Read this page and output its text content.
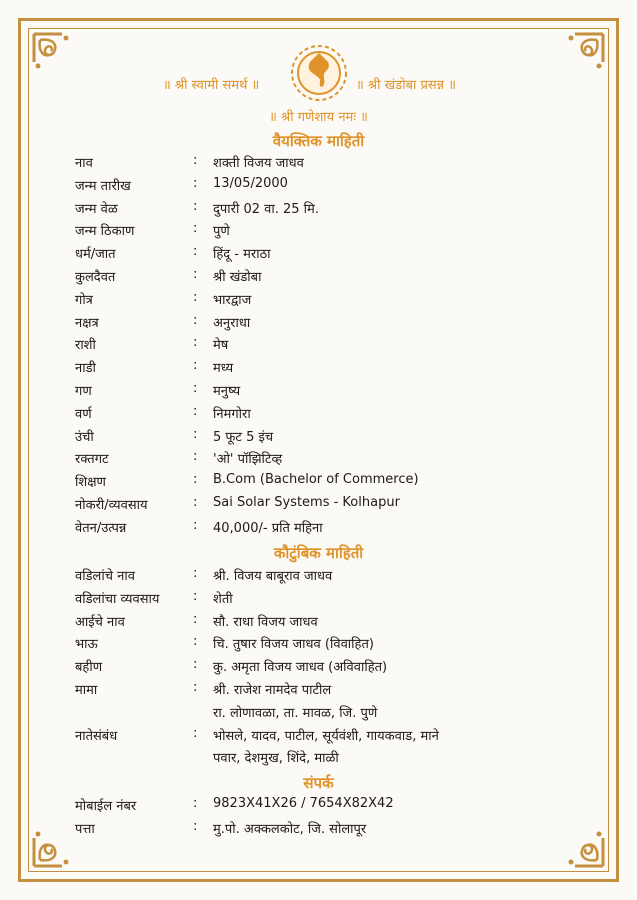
॥ श्री स्वामी समर्थ ॥	॥ श्री खंडोबा प्रसन्न ॥
॥ श्री गणेशाय नमः ॥
वैयक्तिक माहिती
नाव	: शक्ती विजय जाधव
जन्म तारीख	: 13/05/2000
जन्म वेळ	: दुपारी 02 वा. 25 मि.
जन्म ठिकाण	: पुणे
धर्म/जात	: हिंदू - मराठा
कुलदैवत	: श्री खंडोबा
गोत्र	: भारद्वाज
नक्षत्र	: अनुराधा
राशी	: मेष
नाडी	: मध्य
गण	: मनुष्य
वर्ण	: निमगोरा
उंची	: 5 फूट 5 इंच
रक्तगट	: 'ओ' पॉझिटिव्ह
शिक्षण	: B.Com (Bachelor of Commerce)
नोकरी/व्यवसाय	: Sai Solar Systems - Kolhapur
वेतन/उत्पन्न	: 40,000/- प्रति महिना
कौटुंबिक माहिती
वडिलांचे नाव	: श्री. विजय बाबूराव जाधव
वडिलांचा व्यवसाय	: शेती
आईचे नाव	: सौ. राधा विजय जाधव
भाऊ	: चि. तुषार विजय जाधव (विवाहित)
बहीण	: कु. अमृता विजय जाधव (अविवाहित)
मामा	: श्री. राजेश नामदेव पाटील
रा. लोणावळा, ता. मावळ, जि. पुणे
नातेसंबंध	: भोसले, यादव, पाटील, सूर्यवंशी, गायकवाड, माने
पवार, देशमुख, शिंदे, माळी
संपर्क
मोबाईल नंबर	: 9823X41X26 / 7654X82X42
पत्ता	: मु.पो. अक्कलकोट, जि. सोलापूर
